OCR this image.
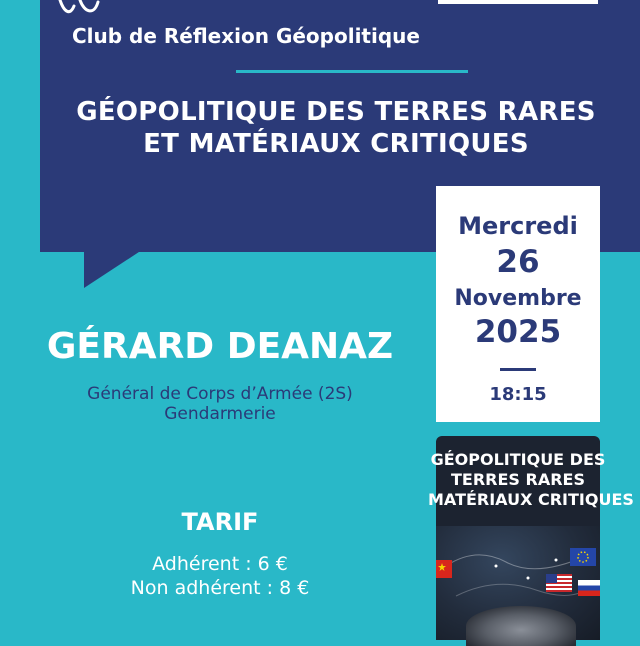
Club de Réflexion Géopolitique
GÉOPOLITIQUE DES TERRES RARES
ET MATÉRIAUX CRITIQUES
Mercredi
26
Novembre
2025
18:15
GÉRARD DEANAZ
Général de Corps d’Armée (2S)
Gendarmerie
TARIF
Adhérent : 6 €
Non adhérent : 8 €
GÉOPOLITIQUE DES
TERRES RARES
MATÉRIAUX CRITIQUES
